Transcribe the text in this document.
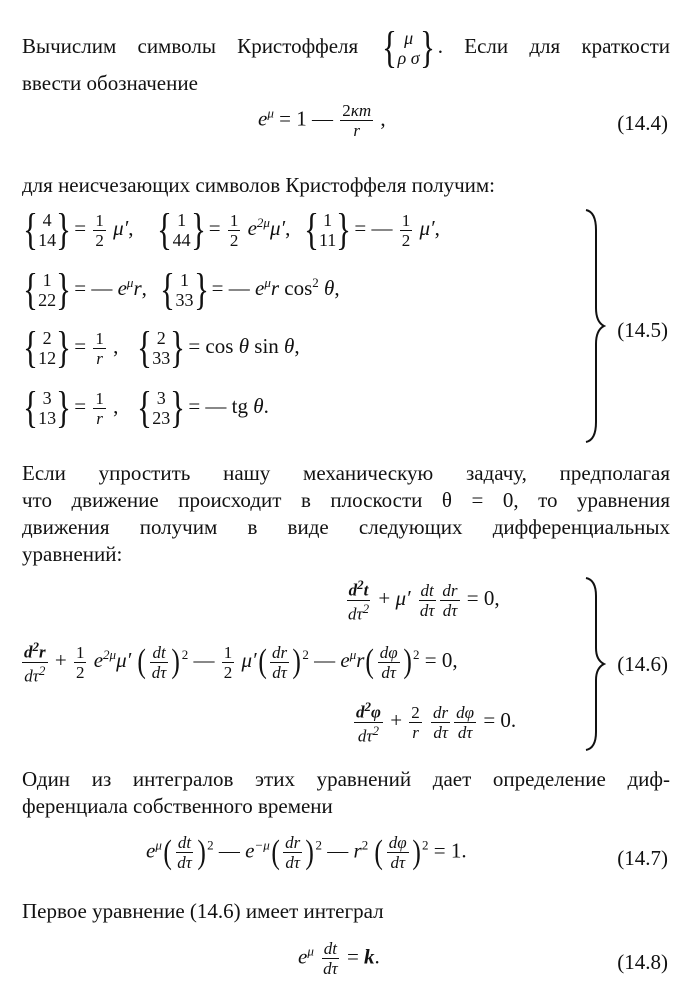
Вычислим символы Кристоффеля { μ
ρ σ } . Если для краткости
ввести обозначение
$e^\mu = 1$ — $\frac{2\kappa m}{r}$ ,	(14.4)
для неисчезающих символов Кристоффеля получим:
{ 4
14 } = $\frac{1}{2} \mu'$, { 1
44 } = $\frac{1}{2} e^{2\mu}\mu'$, { 1
11 } = — $\frac{1}{2} \mu'$,
{ 1
22 } = — $e^\mu r$, { 1
33 } = — $e^\mu r$ $\cos^2 \theta$,
{ 2
12 } = $\frac{1}{r}$ , { 2
33 } = cos θ sin θ,
{ 3
13 } = $\frac{1}{r}$ , { 3
23 } = — tg θ.
(14.5)
Если упростить нашу механическую задачу, предполагая
что движение происходит в плоскости θ = 0, то уравнения
движения получим в виде следующих дифференциальных
уравнений:
$\frac{d^2t}{d\tau^2} + \mu' \frac{dt}{d\tau} \frac{dr}{d\tau} = 0$,
$\frac{d^2r}{d\tau^2} + \frac{1}{2} e^{2\mu}\mu'$ ( $\frac{dt}{d\tau} )^2$ — $\frac{1}{2} \mu'( \frac{dr}{d\tau} )^2$ — $e^\mu r( \frac{d\varphi}{d\tau} )^2 = 0$,
$\frac{d^2\varphi}{d\tau^2} + \frac{2}{r}$
$\frac{dr}{d\tau} \frac{d\varphi}{d\tau} = 0$.
(14.6)
Один из интегралов этих уравнений дает определение диф-
ференциала собственного времени
$e^\mu( \frac{dt}{d\tau} )^2$ — $e^{-\mu}( \frac{dr}{d\tau} )^2$ — $r^2$ ( $\frac{d\varphi}{d\tau} )^2 = 1$.	(14.7)
Первое уравнение (14.6) имеет интеграл
$e^\mu \frac{dt}{d\tau} = k$.	(14.8)
